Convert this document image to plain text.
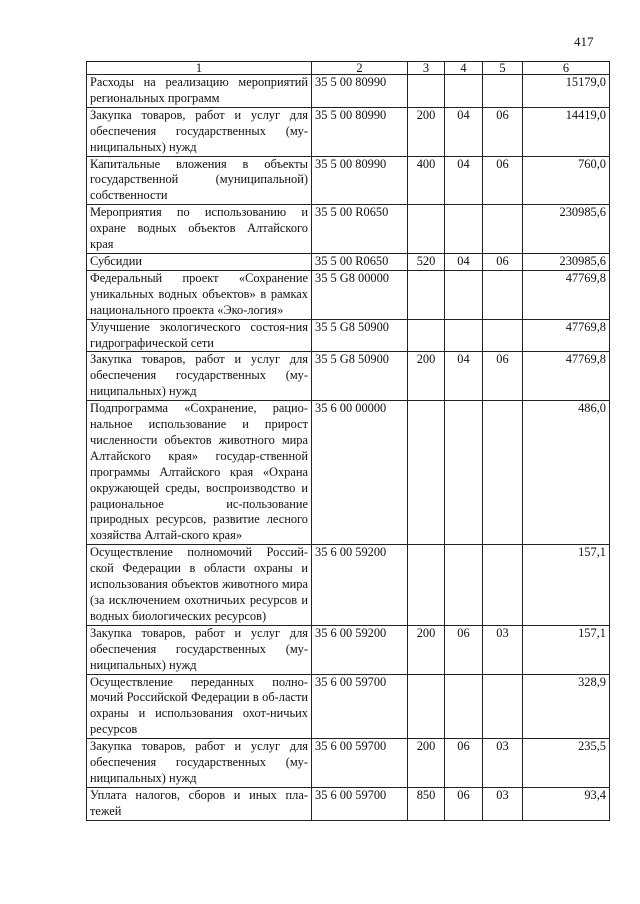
417
1	2	3	4	5	6
Расходы на реализацию мероприятий региональных программ	35 5 00 80990				15179,0
Закупка товаров, работ и услуг для обеспечения государственных (му-ниципальных) нужд	35 5 00 80990	200	04	06	14419,0
Капитальные вложения в объекты государственной (муниципальной) собственности	35 5 00 80990	400	04	06	760,0
Мероприятия по использованию и охране водных объектов Алтайского края	35 5 00 R0650				230985,6
Субсидии	35 5 00 R0650	520	04	06	230985,6
Федеральный проект «Сохранение уникальных водных объектов» в рамках национального проекта «Эко-логия»	35 5 G8 00000				47769,8
Улучшение экологического состоя-ния гидрографической сети	35 5 G8 50900				47769,8
Закупка товаров, работ и услуг для обеспечения государственных (му-ниципальных) нужд	35 5 G8 50900	200	04	06	47769,8
Подпрограмма «Сохранение, рацио-нальное использование и прирост численности объектов животного мира Алтайского края» государ-ственной программы Алтайского края «Охрана окружающей среды, воспроизводство и рациональное ис-пользование природных ресурсов, развитие лесного хозяйства Алтай-ского края»	35 6 00 00000				486,0
Осуществление полномочий Россий-ской Федерации в области охраны и использования объектов животного мира (за исключением охотничьих ресурсов и водных биологических ресурсов)	35 6 00 59200				157,1
Закупка товаров, работ и услуг для обеспечения государственных (му-ниципальных) нужд	35 6 00 59200	200	06	03	157,1
Осуществление переданных полно-мочий Российской Федерации в об-ласти охраны и использования охот-ничьих ресурсов	35 6 00 59700				328,9
Закупка товаров, работ и услуг для обеспечения государственных (му-ниципальных) нужд	35 6 00 59700	200	06	03	235,5
Уплата налогов, сборов и иных пла-тежей	35 6 00 59700	850	06	03	93,4
